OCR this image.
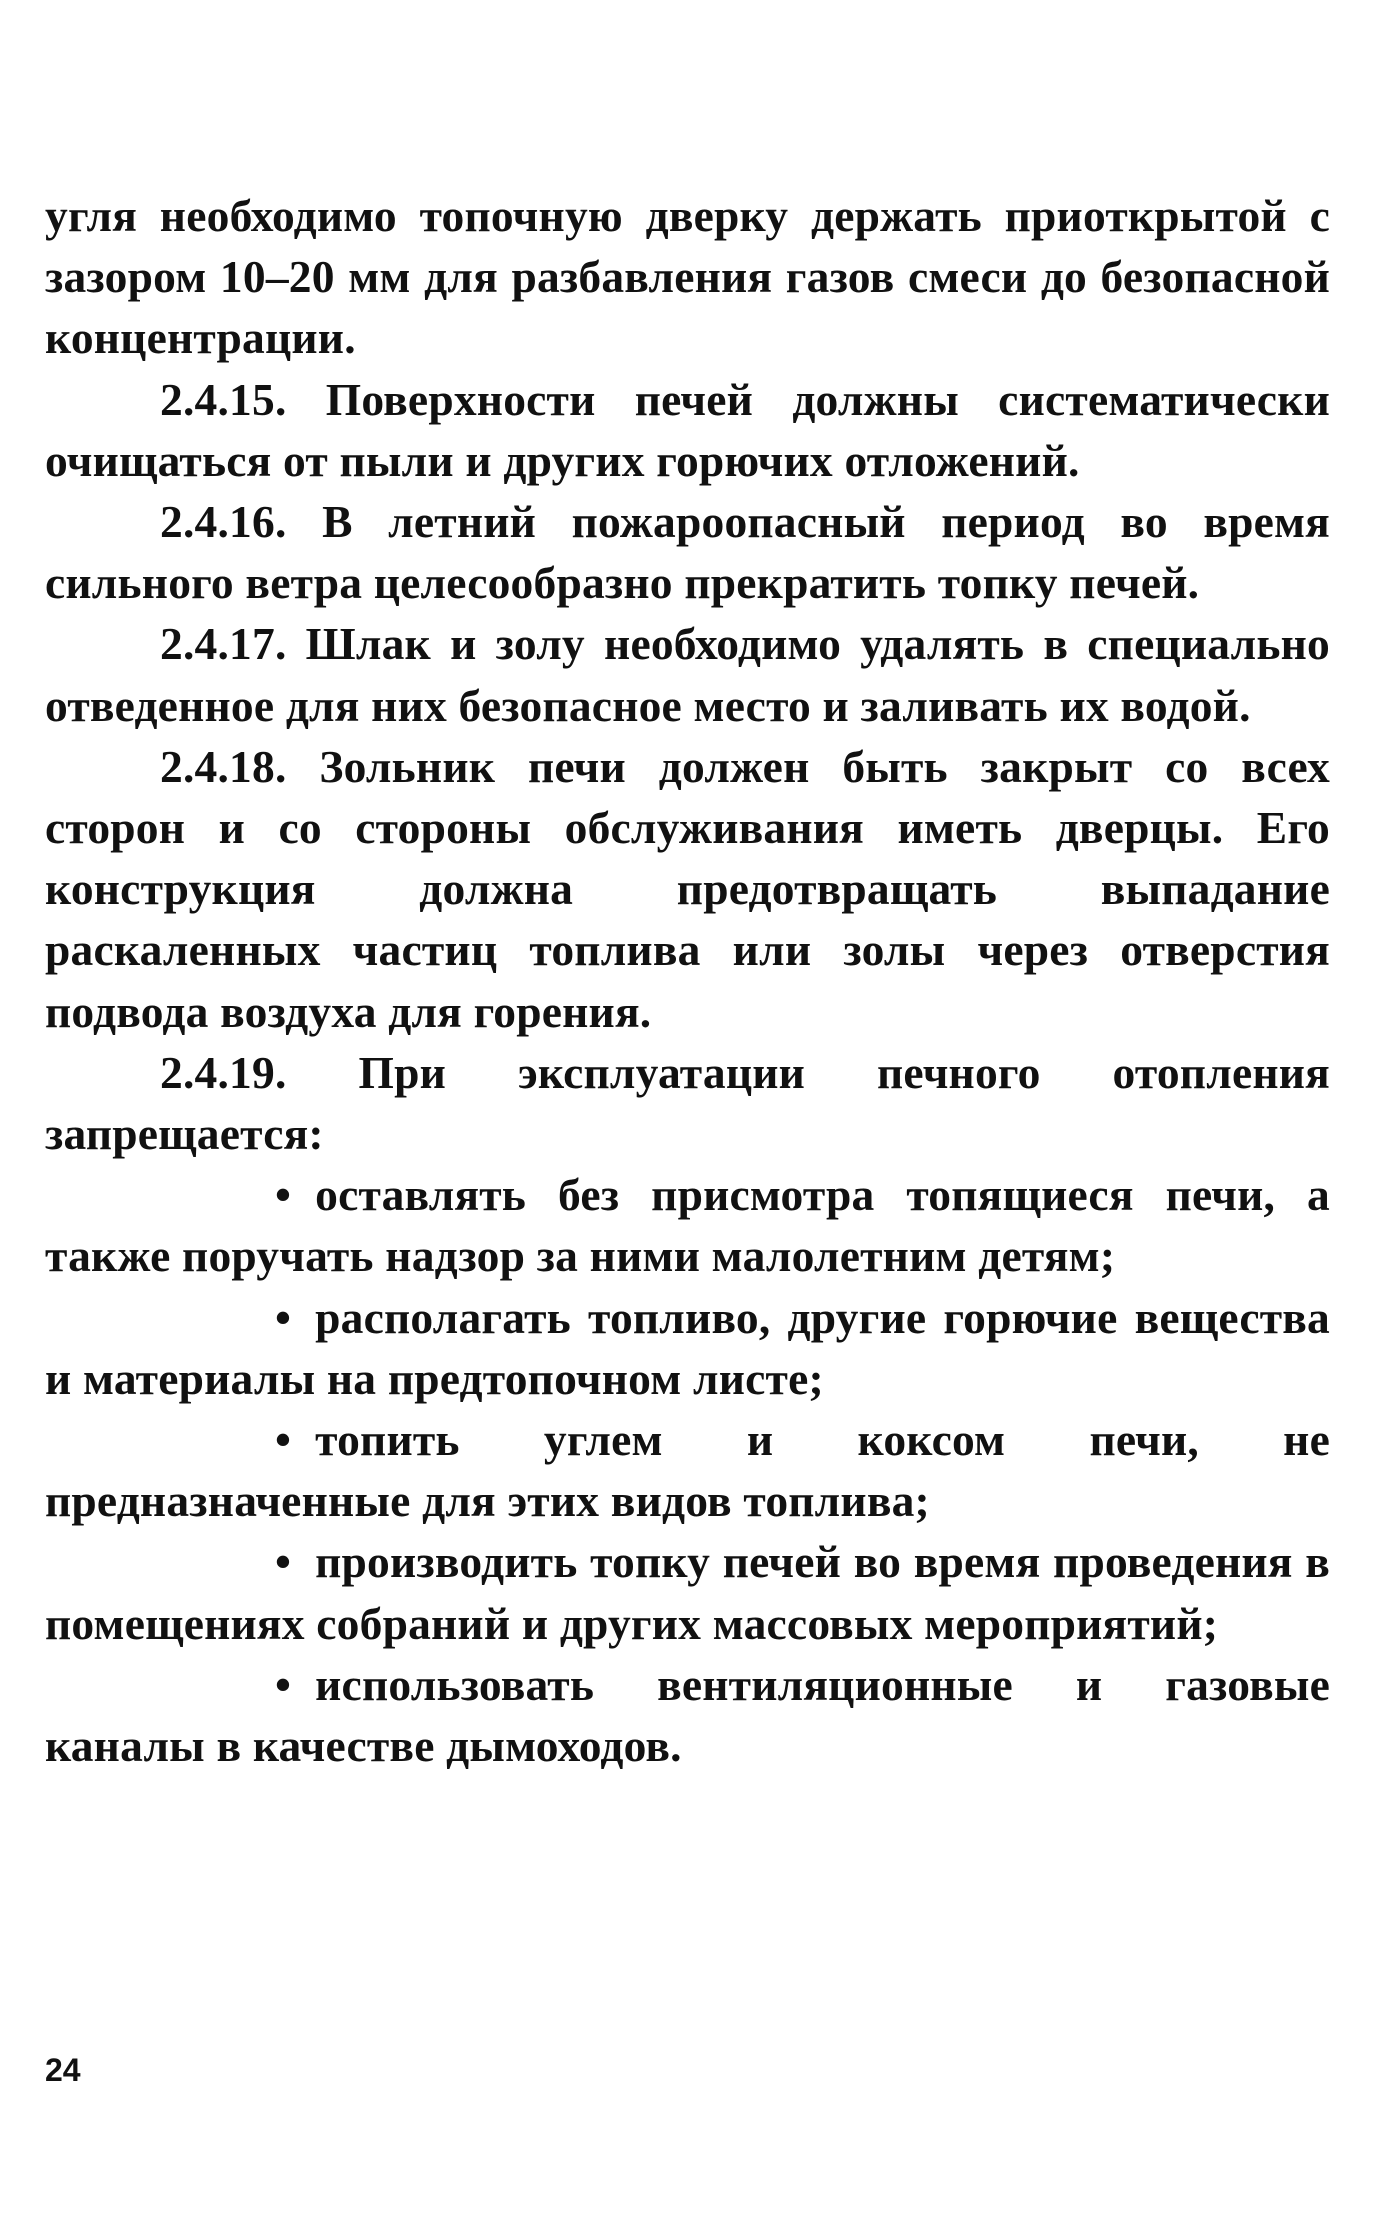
угля необходимо топочную дверку держать приоткрытой с зазором 10–20 мм для разбавления газов смеси до безопасной концентрации.

2.4.15. Поверхности печей должны систематически очищаться от пыли и других горючих отложений.

2.4.16. В летний пожароопасный период во время сильного ветра целесообразно прекратить топку печей.

2.4.17. Шлак и золу необходимо удалять в специально отведенное для них безопасное место и заливать их водой.

2.4.18. Зольник печи должен быть закрыт со всех сторон и со стороны обслуживания иметь дверцы. Его конструкция должна предотвращать выпадание раскаленных частиц топлива или золы через отверстия подвода воздуха для горения.

2.4.19. При эксплуатации печного отопления запрещается:

• оставлять без присмотра топящиеся печи, а также поручать надзор за ними малолетним детям;

• располагать топливо, другие горючие вещества и материалы на предтопочном листе;

• топить углем и коксом печи, не предназначенные для этих видов топлива;

• производить топку печей во время проведения в помещениях собраний и других массовых мероприятий;

• использовать вентиляционные и газовые каналы в качестве дымоходов.

24
